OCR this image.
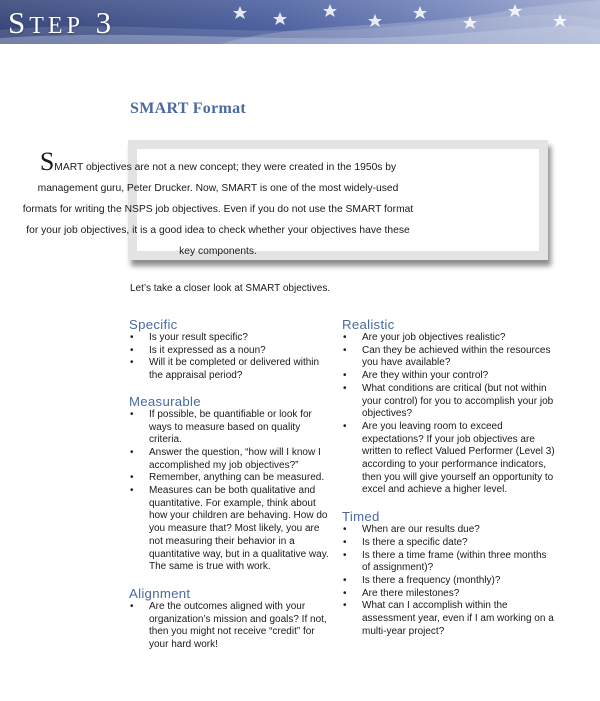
STEP 3
SMART Format
SMART objectives are not a new concept; they were created in the 1950s by management guru, Peter Drucker. Now, SMART is one of the most widely-used formats for writing the NSPS job objectives. Even if you do not use the SMART format for your job objectives, it is a good idea to check whether your objectives have these key components.
Let’s take a closer look at SMART objectives.
Specific
• Is your result specific?
• Is it expressed as a noun?
• Will it be completed or delivered within the appraisal period?
Measurable
• If possible, be quantifiable or look for ways to measure based on quality criteria.
• Answer the question, “how will I know I accomplished my job objectives?”
• Remember, anything can be measured.
• Measures can be both qualitative and quantitative. For example, think about how your children are behaving. How do you measure that? Most likely, you are not measuring their behavior in a quantitative way, but in a qualitative way. The same is true with work.
Alignment
• Are the outcomes aligned with your organization’s mission and goals? If not, then you might not receive “credit” for your hard work!
Realistic
• Are your job objectives realistic?
• Can they be achieved within the resources you have available?
• Are they within your control?
• What conditions are critical (but not within your control) for you to accomplish your job objectives?
• Are you leaving room to exceed expectations? If your job objectives are written to reflect Valued Performer (Level 3) according to your performance indicators, then you will give yourself an opportunity to excel and achieve a higher level.
Timed
• When are our results due?
• Is there a specific date?
• Is there a time frame (within three months of assignment)?
• Is there a frequency (monthly)?
• Are there milestones?
• What can I accomplish within the assessment year, even if I am working on a multi-year project?
